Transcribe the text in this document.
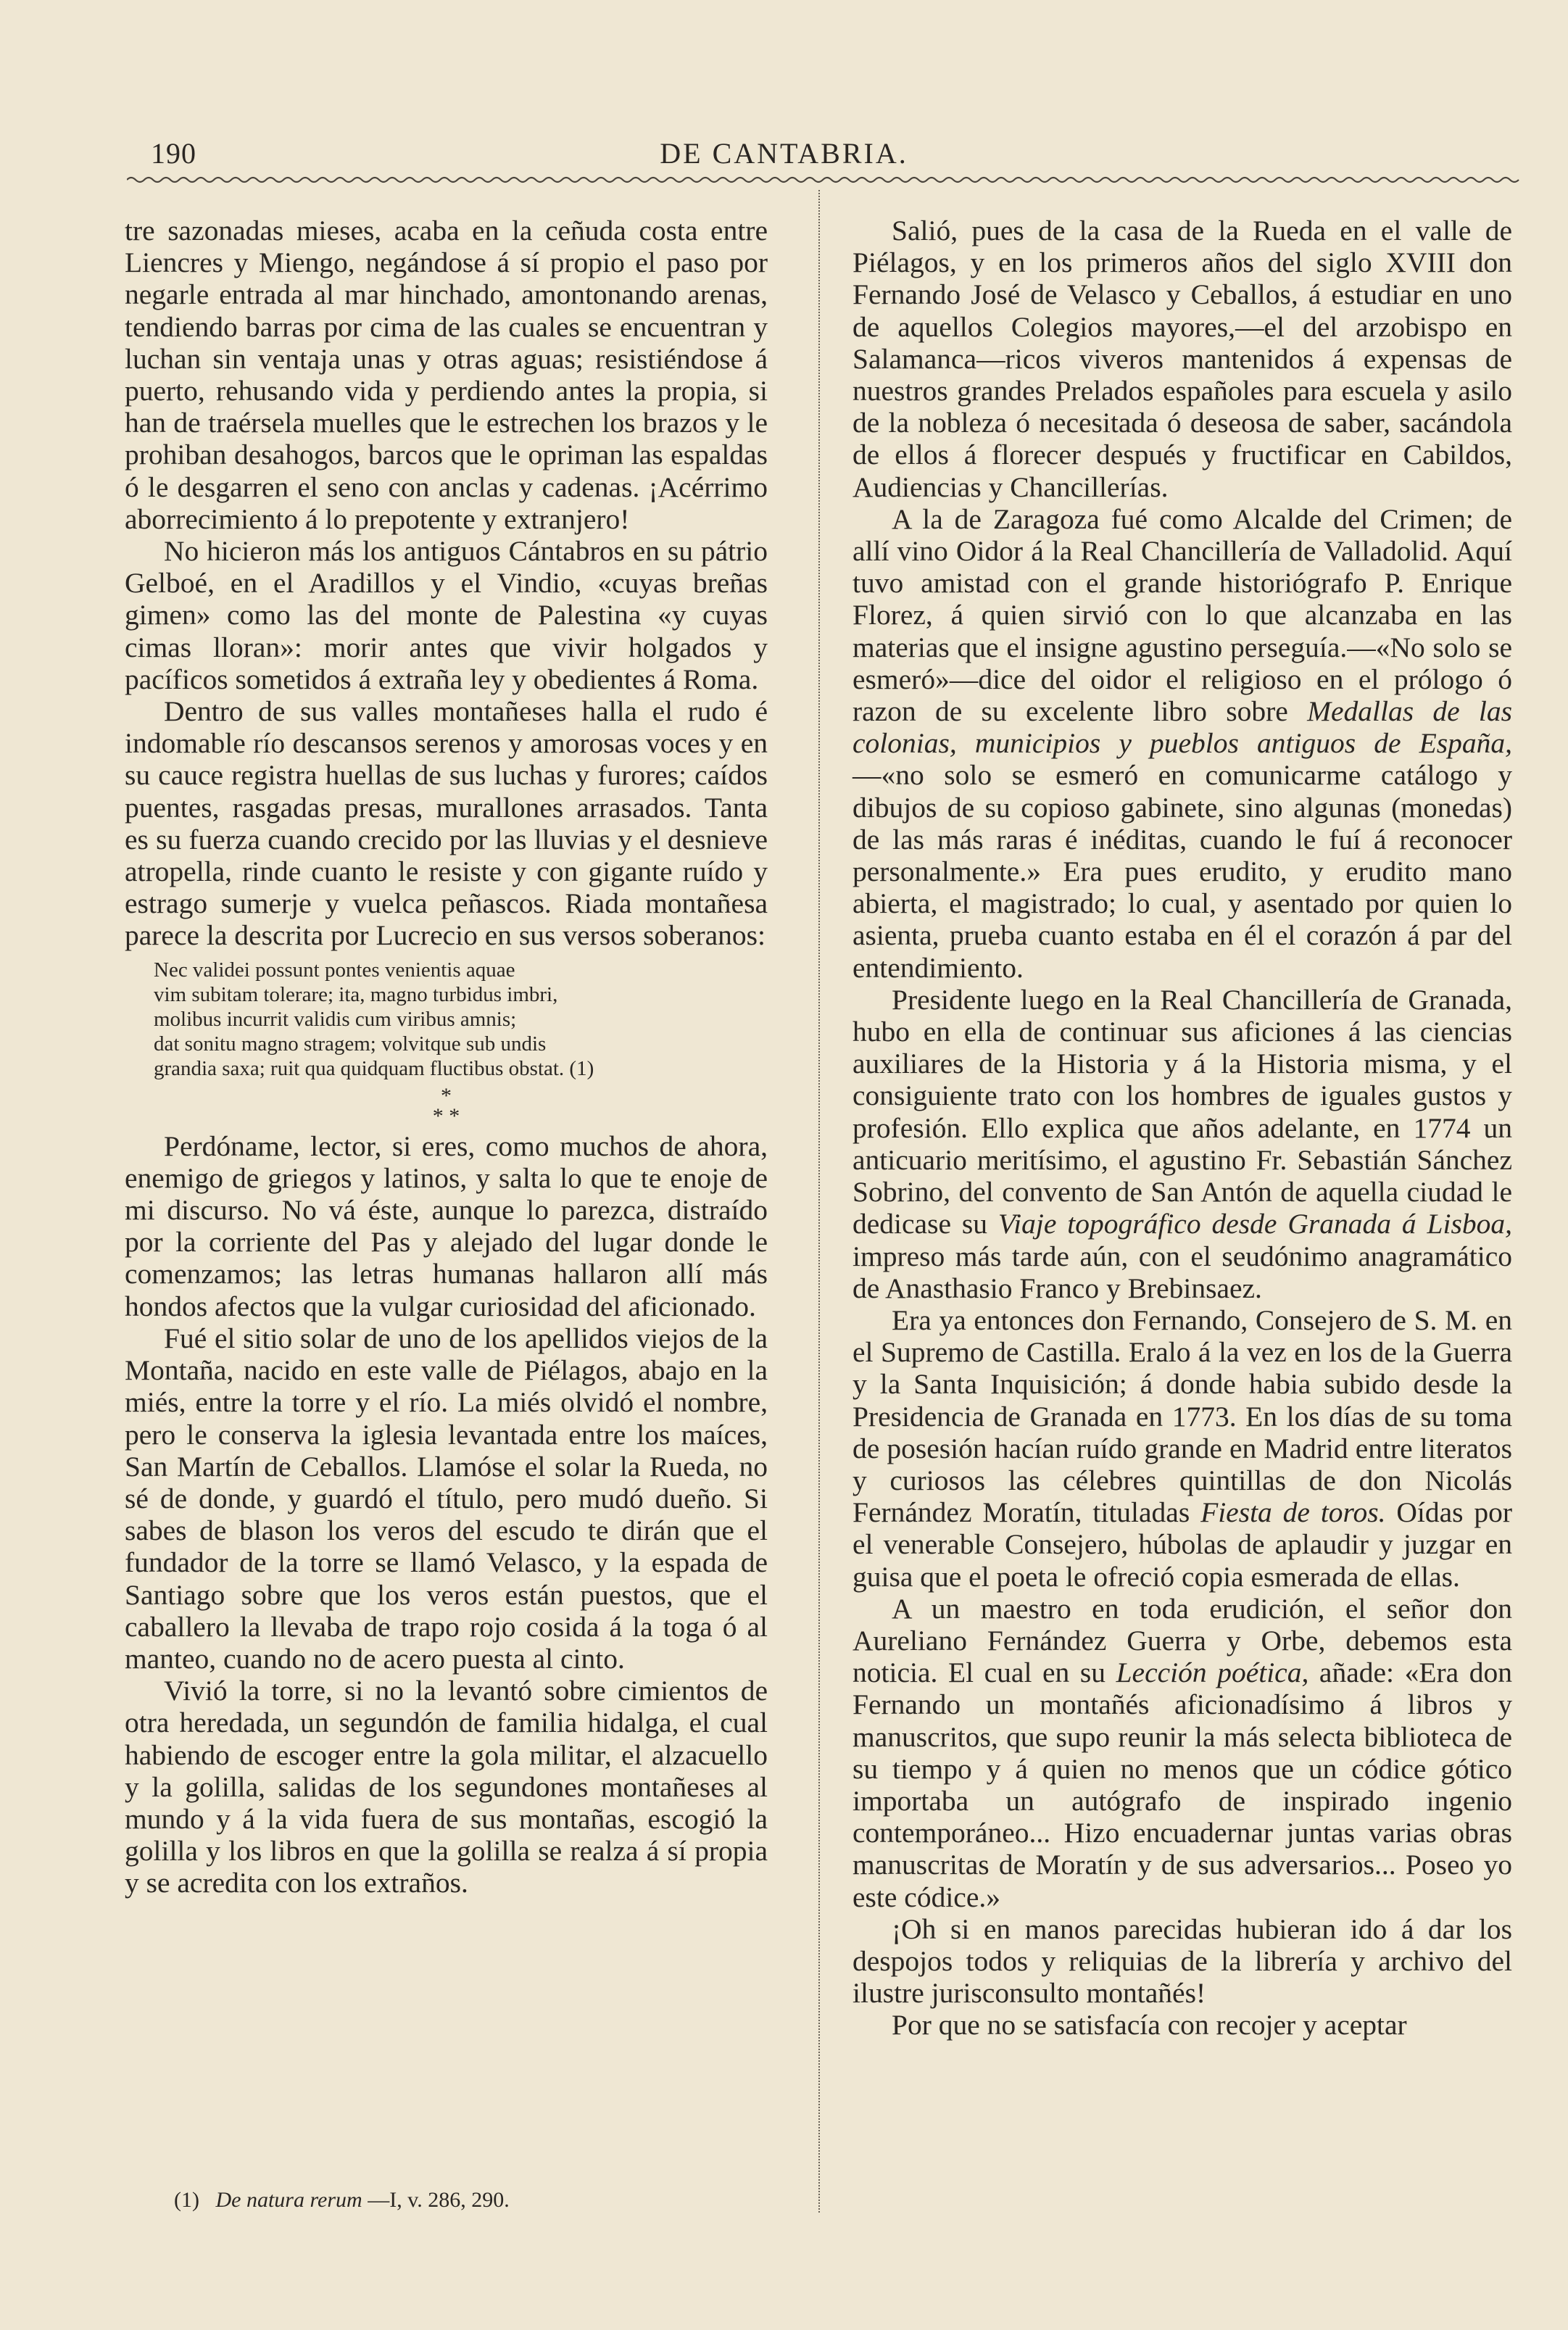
190	DE CANTABRIA.

tre sazonadas mieses, acaba en la ceñuda costa entre Liencres y Miengo, negándose á sí propio el paso por negarle entrada al mar hinchado, amontonando arenas, tendiendo barras por cima de las cuales se encuentran y luchan sin ventaja unas y otras aguas; resistiéndose á puerto, rehusando vida y perdiendo antes la propia, si han de traérsela muelles que le estrechen los brazos y le prohiban desahogos, barcos que le opriman las espaldas ó le desgarren el seno con anclas y cadenas. ¡Acérrimo aborrecimiento á lo prepotente y extranjero!

No hicieron más los antiguos Cántabros en su pátrio Gelboé, en el Aradillos y el Vindio, «cuyas breñas gimen» como las del monte de Palestina «y cuyas cimas lloran»: morir antes que vivir holgados y pacíficos sometidos á extraña ley y obedientes á Roma.

Dentro de sus valles montañeses halla el rudo é indomable río descansos serenos y amorosas voces y en su cauce registra huellas de sus luchas y furores; caídos puentes, rasgadas presas, murallones arrasados. Tanta es su fuerza cuando crecido por las lluvias y el desnieve atropella, rinde cuanto le resiste y con gigante ruído y estrago sumerje y vuelca peñascos. Riada montañesa parece la descrita por Lucrecio en sus versos soberanos:

Nec validei possunt pontes venientis aquae
vim subitam tolerare; ita, magno turbidus imbri,
molibus incurrit validis cum viribus amnis;
dat sonitu magno stragem; volvitque sub undis
grandia saxa; ruit qua quidquam fluctibus obstat. (1)
*
* *

Perdóname, lector, si eres, como muchos de ahora, enemigo de griegos y latinos, y salta lo que te enoje de mi discurso. No vá éste, aunque lo parezca, distraído por la corriente del Pas y alejado del lugar donde le comenzamos; las letras humanas hallaron allí más hondos afectos que la vulgar curiosidad del aficionado.

Fué el sitio solar de uno de los apellidos viejos de la Montaña, nacido en este valle de Piélagos, abajo en la miés, entre la torre y el río. La miés olvidó el nombre, pero le conserva la iglesia levantada entre los maíces, San Martín de Ceballos. Llamóse el solar la Rueda, no sé de donde, y guardó el título, pero mudó dueño. Si sabes de blason los veros del escudo te dirán que el fundador de la torre se llamó Velasco, y la espada de Santiago sobre que los veros están puestos, que el caballero la llevaba de trapo rojo cosida á la toga ó al manteo, cuando no de acero puesta al cinto.

Vivió la torre, si no la levantó sobre cimientos de otra heredada, un segundón de familia hidalga, el cual habiendo de escoger entre la gola militar, el alzacuello y la golilla, salidas de los segundones montañeses al mundo y á la vida fuera de sus montañas, escogió la golilla y los libros en que la golilla se realza á sí propia y se acredita con los extraños.

Salió, pues de la casa de la Rueda en el valle de Piélagos, y en los primeros años del siglo XVIII don Fernando José de Velasco y Ceballos, á estudiar en uno de aquellos Colegios mayores,—el del arzobispo en Salamanca—ricos viveros mantenidos á expensas de nuestros grandes Prelados españoles para escuela y asilo de la nobleza ó necesitada ó deseosa de saber, sacándola de ellos á florecer después y fructificar en Cabildos, Audiencias y Chancillerías.

A la de Zaragoza fué como Alcalde del Crimen; de allí vino Oidor á la Real Chancillería de Valladolid. Aquí tuvo amistad con el grande historiógrafo P. Enrique Florez, á quien sirvió con lo que alcanzaba en las materias que el insigne agustino perseguía.—«No solo se esmeró»—dice del oidor el religioso en el prólogo ó razon de su excelente libro sobre Medallas de las colonias, municipios y pueblos antiguos de España,—«no solo se esmeró en comunicarme catálogo y dibujos de su copioso gabinete, sino algunas (monedas) de las más raras é inéditas, cuando le fuí á reconocer personalmente.» Era pues erudito, y erudito mano abierta, el magistrado; lo cual, y asentado por quien lo asienta, prueba cuanto estaba en él el corazón á par del entendimiento.

Presidente luego en la Real Chancillería de Granada, hubo en ella de continuar sus aficiones á las ciencias auxiliares de la Historia y á la Historia misma, y el consiguiente trato con los hombres de iguales gustos y profesión. Ello explica que años adelante, en 1774 un anticuario meritísimo, el agustino Fr. Sebastián Sánchez Sobrino, del convento de San Antón de aquella ciudad le dedicase su Viaje topográfico desde Granada á Lisboa, impreso más tarde aún, con el seudónimo anagramático de Anasthasio Franco y Brebinsaez.

Era ya entonces don Fernando, Consejero de S. M. en el Supremo de Castilla. Eralo á la vez en los de la Guerra y la Santa Inquisición; á donde habia subido desde la Presidencia de Granada en 1773. En los días de su toma de posesión hacían ruído grande en Madrid entre literatos y curiosos las célebres quintillas de don Nicolás Fernández Moratín, tituladas Fiesta de toros. Oídas por el venerable Consejero, húbolas de aplaudir y juzgar en guisa que el poeta le ofreció copia esmerada de ellas.

A un maestro en toda erudición, el señor don Aureliano Fernández Guerra y Orbe, debemos esta noticia. El cual en su Lección poética, añade: «Era don Fernando un montañés aficionadísimo á libros y manuscritos, que supo reunir la más selecta biblioteca de su tiempo y á quien no menos que un códice gótico importaba un autógrafo de inspirado ingenio contemporáneo... Hizo encuadernar juntas varias obras manuscritas de Moratín y de sus adversarios... Poseo yo este códice.»

¡Oh si en manos parecidas hubieran ido á dar los despojos todos y reliquias de la librería y archivo del ilustre jurisconsulto montañés!

Por que no se satisfacía con recojer y aceptar

(1) De natura rerum —I, v. 286, 290.
